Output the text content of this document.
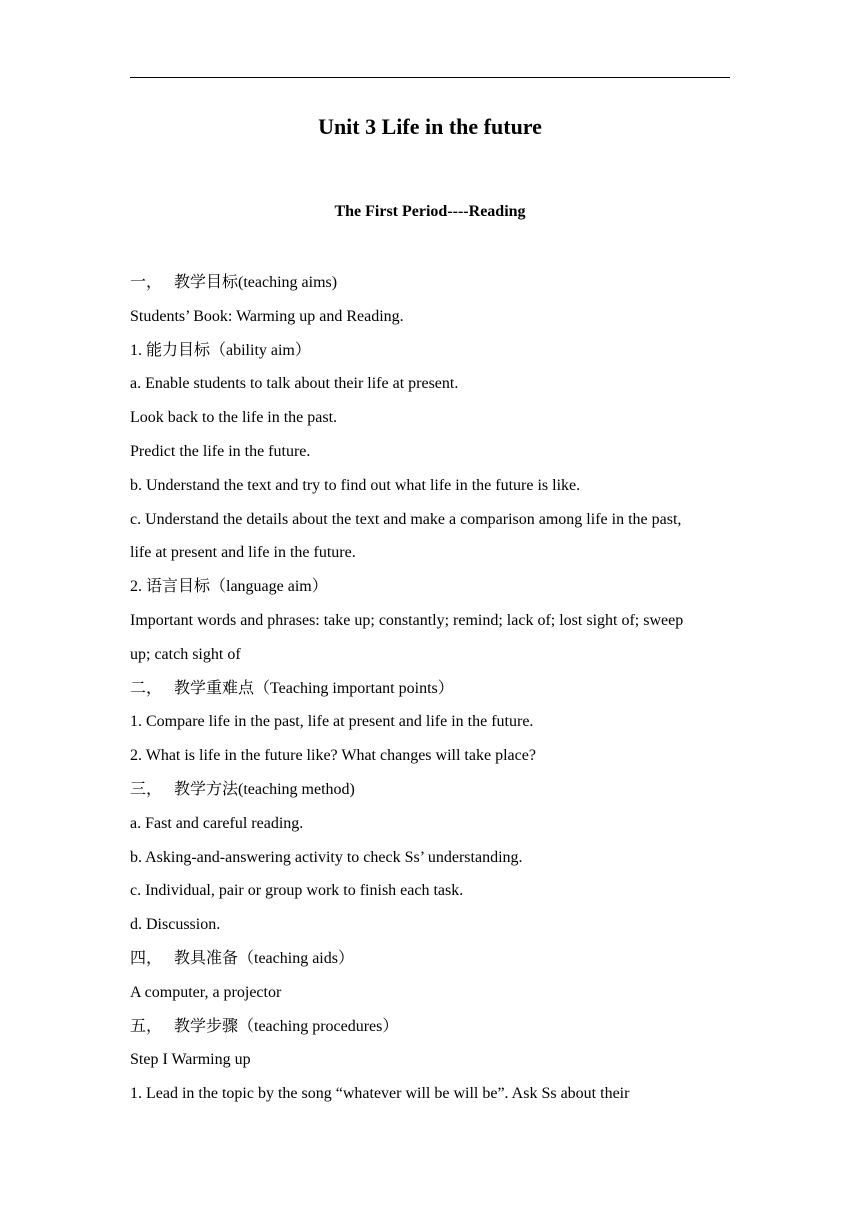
Unit 3 Life in the future
The First Period----Reading
一， 教学目标(teaching aims)
Students’ Book: Warming up and Reading.
1. 能力目标（ability aim）
a. Enable students to talk about their life at present.
Look back to the life in the past.
Predict the life in the future.
b. Understand the text and try to find out what life in the future is like.
c. Understand the details about the text and make a comparison among life in the past,
life at present and life in the future.
2. 语言目标（language aim）
Important words and phrases: take up; constantly; remind; lack of; lost sight of; sweep
up; catch sight of
二， 教学重难点（Teaching important points）
1. Compare life in the past, life at present and life in the future.
2. What is life in the future like? What changes will take place?
三， 教学方法(teaching method)
a. Fast and careful reading.
b. Asking-and-answering activity to check Ss’ understanding.
c. Individual, pair or group work to finish each task.
d. Discussion.
四， 教具准备（teaching aids）
A computer, a projector
五， 教学步骤（teaching procedures）
Step I Warming up
1. Lead in the topic by the song “whatever will be will be”. Ask Ss about their
